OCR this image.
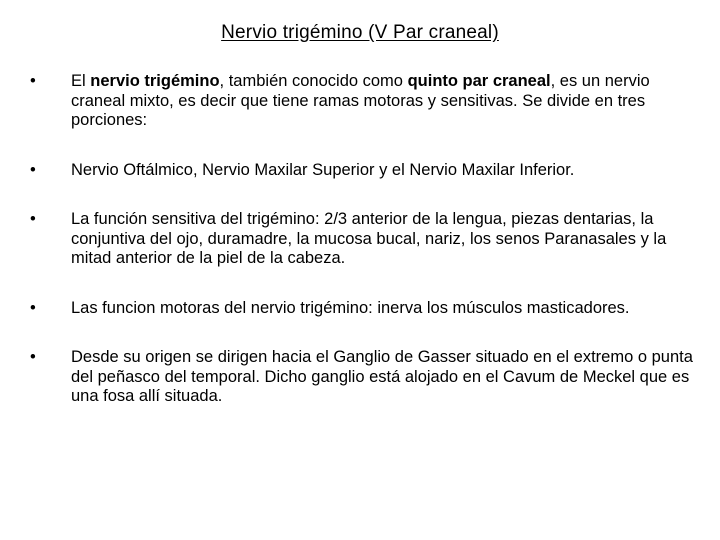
Nervio trigémino (V Par craneal)
•	El nervio trigémino, también conocido como quinto par craneal, es un nervio craneal mixto, es decir que tiene ramas motoras y sensitivas. Se divide en tres porciones:
•	Nervio Oftálmico, Nervio Maxilar Superior y el Nervio Maxilar Inferior.
•	La función sensitiva del trigémino: 2/3 anterior de la lengua, piezas dentarias, la conjuntiva del ojo, duramadre, la mucosa bucal, nariz, los senos Paranasales y la mitad anterior de la piel de la cabeza.
•	Las funcion motoras del nervio trigémino: inerva los músculos masticadores.
•	Desde su origen se dirigen hacia el Ganglio de Gasser situado en el extremo o punta del peñasco del temporal. Dicho ganglio está alojado en el Cavum de Meckel que es una fosa allí situada.
